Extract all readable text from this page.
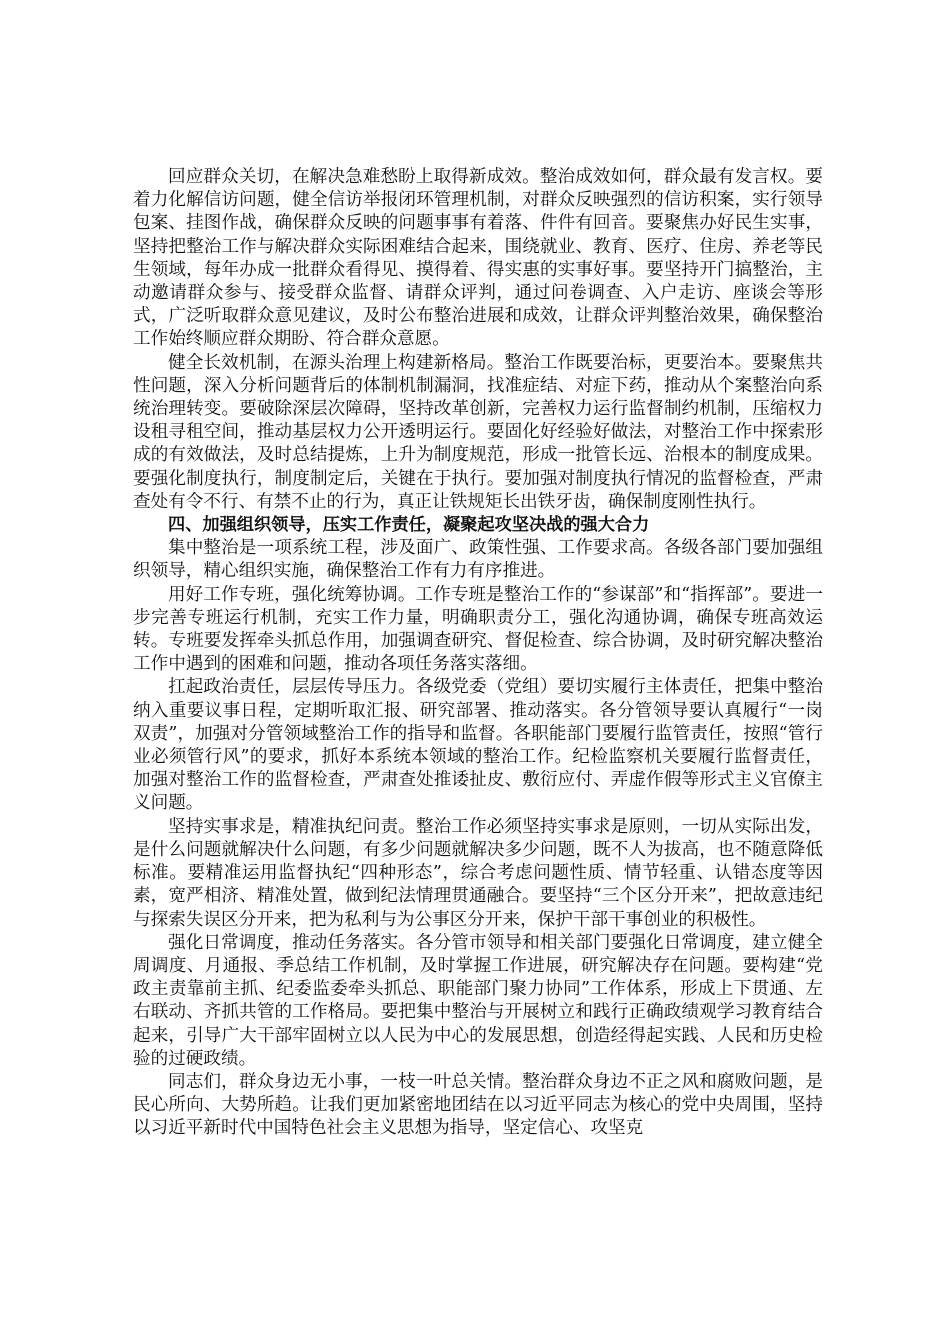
回应群众关切，在解决急难愁盼上取得新成效。整治成效如何，群众最有发言权。要着力化解信访问题，健全信访举报闭环管理机制，对群众反映强烈的信访积案，实行领导包案、挂图作战，确保群众反映的问题事事有着落、件件有回音。要聚焦办好民生实事，坚持把整治工作与解决群众实际困难结合起来，围绕就业、教育、医疗、住房、养老等民生领域，每年办成一批群众看得见、摸得着、得实惠的实事好事。要坚持开门搞整治，主动邀请群众参与、接受群众监督、请群众评判，通过问卷调查、入户走访、座谈会等形式，广泛听取群众意见建议，及时公布整治进展和成效，让群众评判整治效果，确保整治工作始终顺应群众期盼、符合群众意愿。

健全长效机制，在源头治理上构建新格局。整治工作既要治标，更要治本。要聚焦共性问题，深入分析问题背后的体制机制漏洞，找准症结、对症下药，推动从个案整治向系统治理转变。要破除深层次障碍，坚持改革创新，完善权力运行监督制约机制，压缩权力设租寻租空间，推动基层权力公开透明运行。要固化好经验好做法，对整治工作中探索形成的有效做法，及时总结提炼，上升为制度规范，形成一批管长远、治根本的制度成果。要强化制度执行，制度制定后，关键在于执行。要加强对制度执行情况的监督检查，严肃查处有令不行、有禁不止的行为，真正让铁规矩长出铁牙齿，确保制度刚性执行。

四、加强组织领导，压实工作责任，凝聚起攻坚决战的强大合力

集中整治是一项系统工程，涉及面广、政策性强、工作要求高。各级各部门要加强组织领导，精心组织实施，确保整治工作有力有序推进。

用好工作专班，强化统筹协调。工作专班是整治工作的“参谋部”和“指挥部”。要进一步完善专班运行机制，充实工作力量，明确职责分工，强化沟通协调，确保专班高效运转。专班要发挥牵头抓总作用，加强调查研究、督促检查、综合协调，及时研究解决整治工作中遇到的困难和问题，推动各项任务落实落细。

扛起政治责任，层层传导压力。各级党委（党组）要切实履行主体责任，把集中整治纳入重要议事日程，定期听取汇报、研究部署、推动落实。各分管领导要认真履行“一岗双责”，加强对分管领域整治工作的指导和监督。各职能部门要履行监管责任，按照“管行业必须管行风”的要求，抓好本系统本领域的整治工作。纪检监察机关要履行监督责任，加强对整治工作的监督检查，严肃查处推诿扯皮、敷衍应付、弄虚作假等形式主义官僚主义问题。

坚持实事求是，精准执纪问责。整治工作必须坚持实事求是原则，一切从实际出发，是什么问题就解决什么问题，有多少问题就解决多少问题，既不人为拔高，也不随意降低标准。要精准运用监督执纪“四种形态”，综合考虑问题性质、情节轻重、认错态度等因素，宽严相济、精准处置，做到纪法情理贯通融合。要坚持“三个区分开来”，把故意违纪与探索失误区分开来，把为私利与为公事区分开来，保护干部干事创业的积极性。

强化日常调度，推动任务落实。各分管市领导和相关部门要强化日常调度，建立健全周调度、月通报、季总结工作机制，及时掌握工作进展，研究解决存在问题。要构建“党政主责靠前主抓、纪委监委牵头抓总、职能部门聚力协同”工作体系，形成上下贯通、左右联动、齐抓共管的工作格局。要把集中整治与开展树立和践行正确政绩观学习教育结合起来，引导广大干部牢固树立以人民为中心的发展思想，创造经得起实践、人民和历史检验的过硬政绩。

同志们，群众身边无小事，一枝一叶总关情。整治群众身边不正之风和腐败问题，是民心所向、大势所趋。让我们更加紧密地团结在以习近平同志为核心的党中央周围，坚持以习近平新时代中国特色社会主义思想为指导，坚定信心、攻坚克
